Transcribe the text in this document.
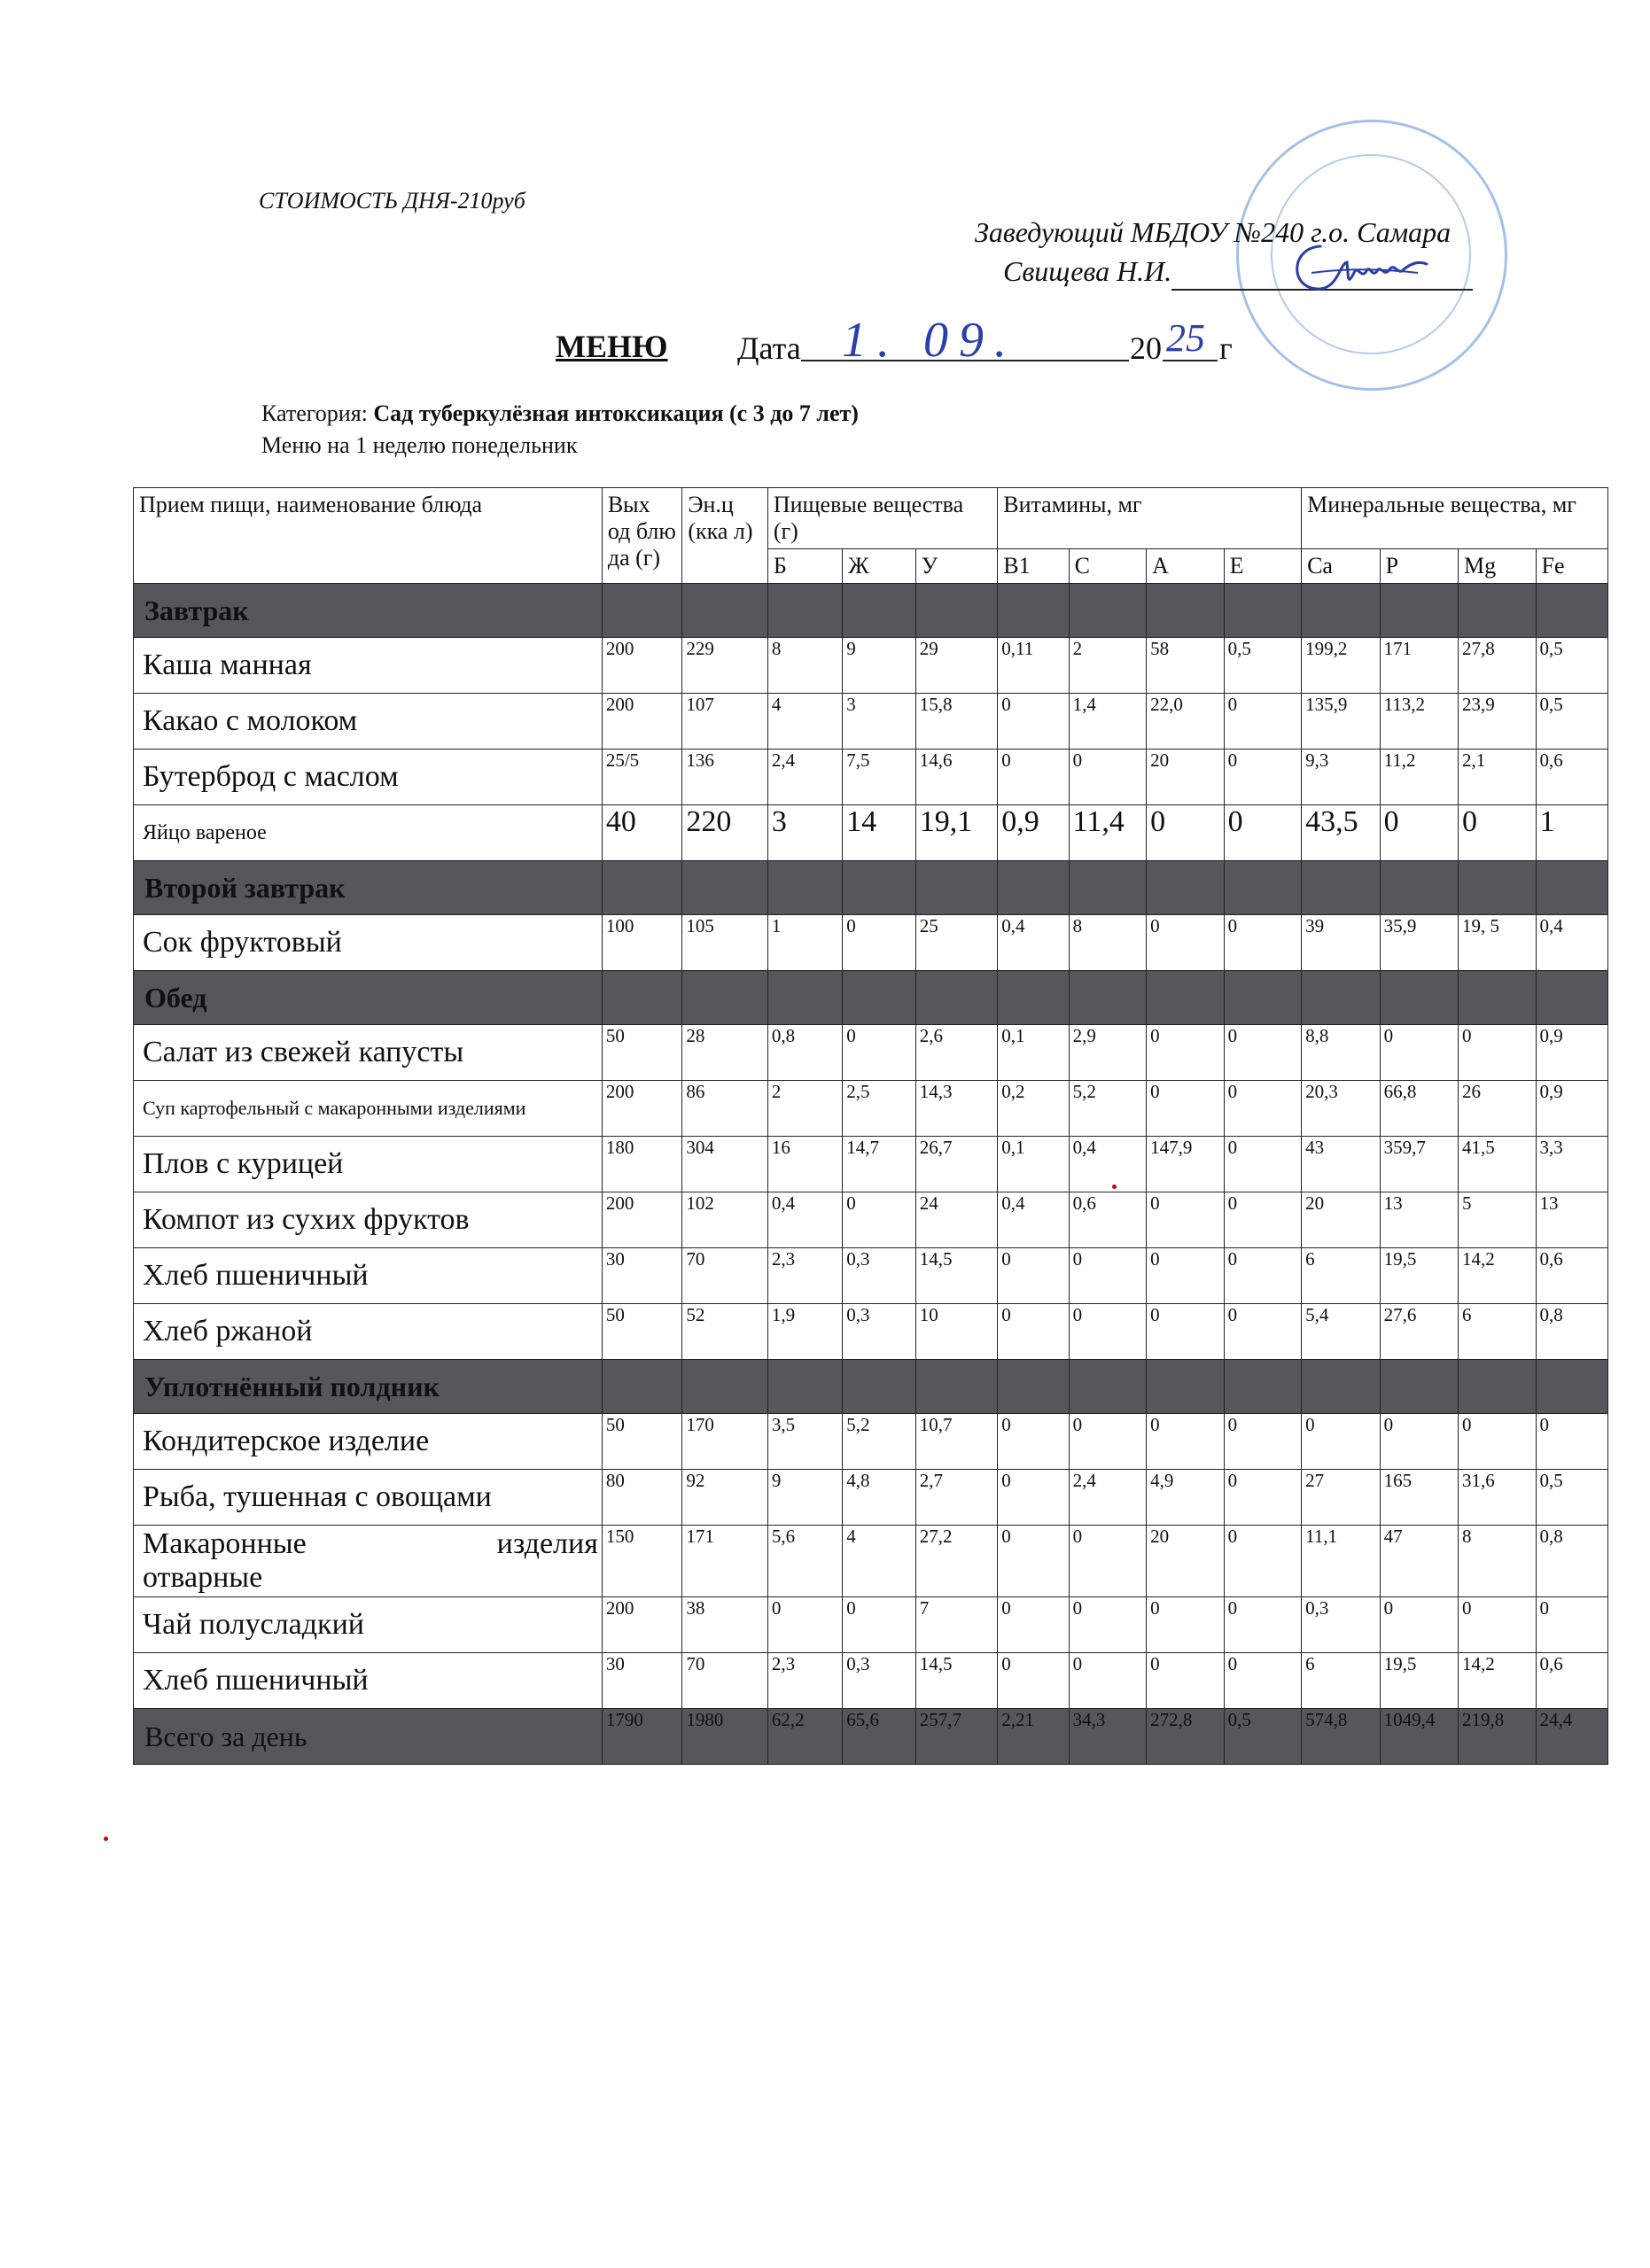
СТОИМОСТЬ ДНЯ-210руб
Заведующий МБДОУ №240 г.о. Самара
Свищева Н.И.
МЕНЮ Дата 1. 09.	20 25 г
Категория: Сад туберкулёзная интоксикация (с 3 до 7 лет)
Меню на 1 неделю понедельник
Прием пищи, наименование блюда	Вых од блю да (г)	Эн.ц (кка л)	Пищевые вещества (г)			Витамины, мг				Минеральные вещества, мг			
			Б	Ж	У	В1	С	А	Е	Са	Р	Mg	Fe
Завтрак													
Каша манная	200	229	8	9	29	0,11	2	58	0,5	199,2	171	27,8	0,5
Какао с молоком	200	107	4	3	15,8	0	1,4	22,0	0	135,9	113,2	23,9	0,5
Бутерброд с маслом	25/5	136	2,4	7,5	14,6	0	0	20	0	9,3	11,2	2,1	0,6
Яйцо вареное	40	220	3	14	19,1	0,9	11,4	0	0	43,5	0	0	1
Второй завтрак													
Сок фруктовый	100	105	1	0	25	0,4	8	0	0	39	35,9	19, 5	0,4
Обед													
Салат из свежей капусты	50	28	0,8	0	2,6	0,1	2,9	0	0	8,8	0	0	0,9
Суп картофельный с макаронными изделиями	200	86	2	2,5	14,3	0,2	5,2	0	0	20,3	66,8	26	0,9
Плов с курицей	180	304	16	14,7	26,7	0,1	0,4	147,9	0	43	359,7	41,5	3,3
Компот из сухих фруктов	200	102	0,4	0	24	0,4	0,6	0	0	20	13	5	13
Хлеб пшеничный	30	70	2,3	0,3	14,5	0	0	0	0	6	19,5	14,2	0,6
Хлеб ржаной	50	52	1,9	0,3	10	0	0	0	0	5,4	27,6	6	0,8
Уплотнённый полдник													
Кондитерское изделие	50	170	3,5	5,2	10,7	0	0	0	0	0	0	0	0
Рыба, тушенная с овощами	80	92	9	4,8	2,7	0	2,4	4,9	0	27	165	31,6	0,5
Макаронные изделия
отварные	150	171	5,6	4	27,2	0	0	20	0	11,1	47	8	0,8
Чай полусладкий	200	38	0	0	7	0	0	0	0	0,3	0	0	0
Хлеб пшеничный	30	70	2,3	0,3	14,5	0	0	0	0	6	19,5	14,2	0,6
Всего за день	1790	1980	62,2	65,6	257,7	2,21	34,3	272,8	0,5	574,8	1049,4	219,8	24,4
